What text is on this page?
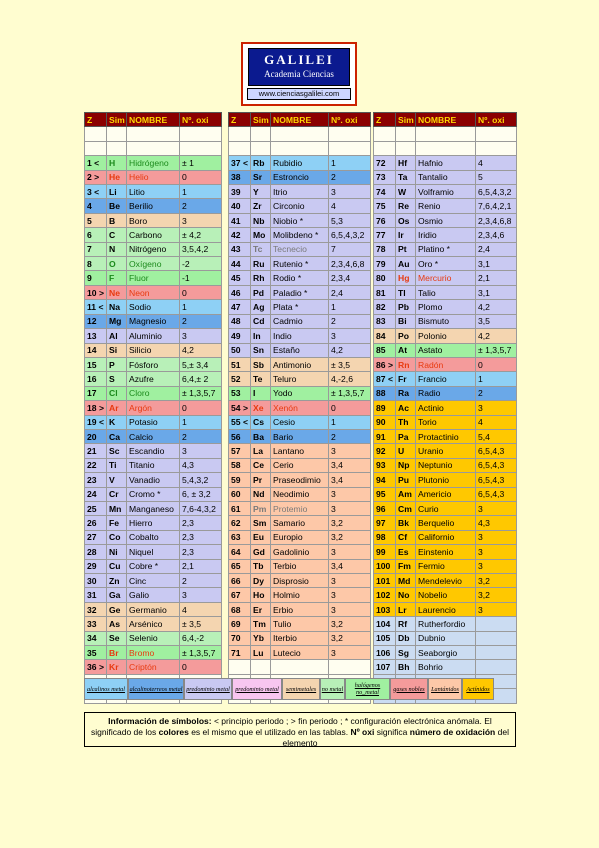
GALILEI
Academia Ciencias
www.cienciasgalilei.com
Z	Sim	NOMBRE	Nº. oxi

1 <	H	Hidrógeno	± 1
2 >	He	Helio	0
3 <	Li	Litio	1
4	Be	Berilio	2
5	B	Boro	3
6	C	Carbono	± 4,2
7	N	Nitrógeno	3,5,4,2
8	O	Oxígeno	-2
9	F	Fluor	-1
10 >	Ne	Neon	0
11 <	Na	Sodio	1
12	Mg	Magnesio	2
13	Al	Aluminio	3
14	Si	Silicio	4,2
15	P	Fósforo	5,± 3,4
16	S	Azufre	6,4,± 2
17	Cl	Cloro	± 1,3,5,7
18 >	Ar	Argón	0
19 <	K	Potasio	1
20	Ca	Calcio	2
21	Sc	Escandio	3
22	Ti	Titanio	4,3
23	V	Vanadio	5,4,3,2
24	Cr	Cromo *	6, ± 3,2
25	Mn	Manganeso	7,6-4,3,2
26	Fe	Hierro	2,3
27	Co	Cobalto	2,3
28	Ni	Niquel	2,3
29	Cu	Cobre *	2,1
30	Zn	Cinc	2
31	Ga	Galio	3
32	Ge	Germanio	4
33	As	Arsénico	± 3,5
34	Se	Selenio	6,4,-2
35	Br	Bromo	± 1,3,5,7
36 >	Kr	Criptón	0

Z	Sim	NOMBRE	Nº. oxi

37 <	Rb	Rubidio	1
38	Sr	Estroncio	2
39	Y	Itrio	3
40	Zr	Circonio	4
41	Nb	Niobio *	5,3
42	Mo	Molibdeno *	6,5,4,3,2
43	Tc	Tecnecio	7
44	Ru	Rutenio *	2,3,4,6,8
45	Rh	Rodio *	2,3,4
46	Pd	Paladio *	2,4
47	Ag	Plata *	1
48	Cd	Cadmio	2
49	In	Indio	3
50	Sn	Estaño	4,2
51	Sb	Antimonio	± 3,5
52	Te	Teluro	4,-2,6
53	I	Yodo	± 1,3,5,7
54 >	Xe	Xenón	0
55 <	Cs	Cesio	1
56	Ba	Bario	2
57	La	Lantano	3
58	Ce	Cerio	3,4
59	Pr	Praseodimio	3,4
60	Nd	Neodimio	3
61	Pm	Protemio	3
62	Sm	Samario	3,2
63	Eu	Europio	3,2
64	Gd	Gadolinio	3
65	Tb	Terbio	3,4
66	Dy	Disprosio	3
67	Ho	Holmio	3
68	Er	Erbio	3
69	Tm	Tulio	3,2
70	Yb	Iterbio	3,2
71	Lu	Lutecio	3

Z	Sim	NOMBRE	Nº. oxi

72	Hf	Hafnio	4
73	Ta	Tantalio	5
74	W	Volframio	6,5,4,3,2
75	Re	Renio	7,6,4,2,1
76	Os	Osmio	2,3,4,6,8
77	Ir	Iridio	2,3,4,6
78	Pt	Platino *	2,4
79	Au	Oro *	3,1
80	Hg	Mercurio	2,1
81	Tl	Talio	3,1
82	Pb	Plomo	4,2
83	Bi	Bismuto	3,5
84	Po	Polonio	4,2
85	At	Astato	± 1,3,5,7
86 >	Rn	Radón	0
87 <	Fr	Francio	1
88	Ra	Radio	2
89	Ac	Actinio	3
90	Th	Torio	4
91	Pa	Protactinio	5,4
92	U	Uranio	6,5,4,3
93	Np	Neptunio	6,5,4,3
94	Pu	Plutonio	6,5,4,3
95	Am	Americio	6,5,4,3
96	Cm	Curio	3
97	Bk	Berquelio	4,3
98	Cf	Californio	3
99	Es	Einstenio	3
100	Fm	Fermio	3
101	Md	Mendelevio	3,2
102	No	Nobelio	3,2
103	Lr	Laurencio	3
104	Rf	Rutherfordio	
105	Db	Dubnio	
106	Sg	Seaborgio	
107	Bh	Bohrio	

alcalinos metal alcalinoterreos metal predominio metal predominio metal	semimetales no metal	halógenos no_metal	gases nobles	Lantánidos	Actínidos
Información de símbolos: < principio periodo ; > fin periodo ; * configuración electrónica anómala. El significado de los colores es el mismo que el utilizado en las tablas. Nº oxi significa número de oxidación del elemento
